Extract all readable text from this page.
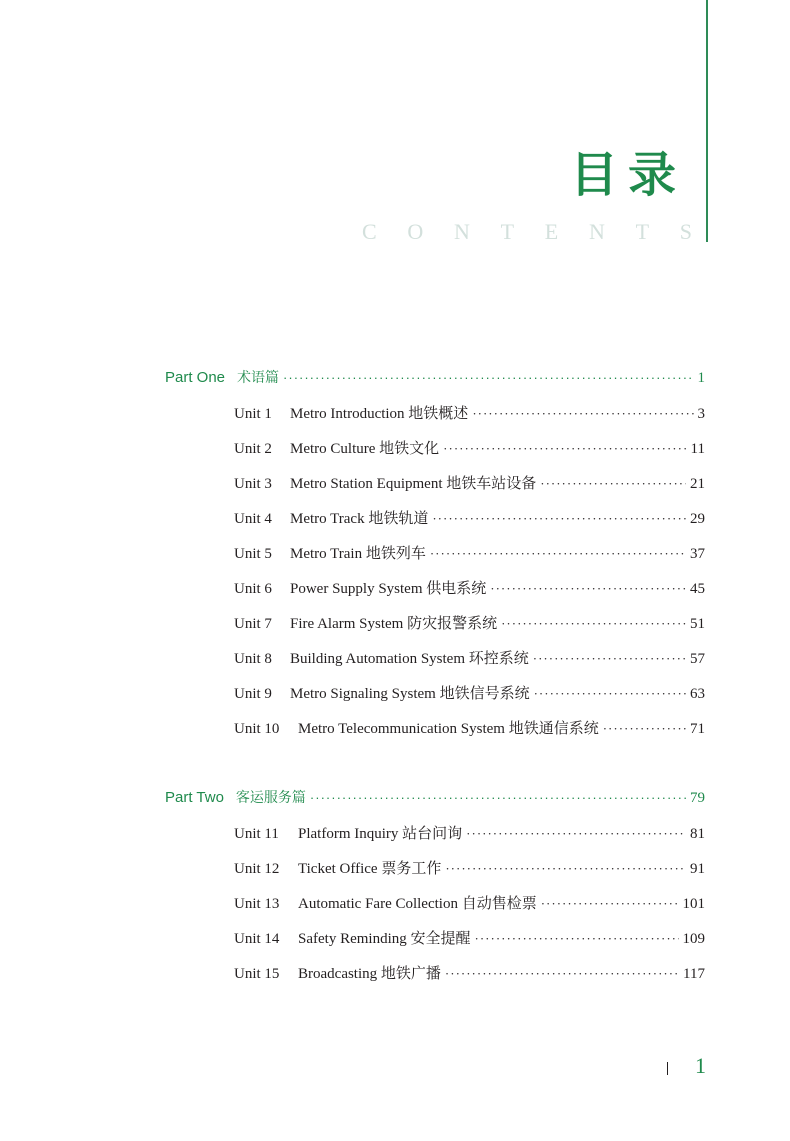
目录
C O N T E N T S
Part One 术语篇 ·····	1
Unit 1	Metro Introduction 地铁概述 ·····	3
Unit 2	Metro Culture 地铁文化 ·····	11
Unit 3	Metro Station Equipment 地铁车站设备 ·····	21
Unit 4	Metro Track 地铁轨道 ·····	29
Unit 5	Metro Train 地铁列车 ·····	37
Unit 6	Power Supply System 供电系统 ·····	45
Unit 7	Fire Alarm System 防灾报警系统 ·····	51
Unit 8	Building Automation System 环控系统 ·····	57
Unit 9	Metro Signaling System 地铁信号系统 ·····	63
Unit 10	Metro Telecommunication System 地铁通信系统 ·····	71
Part Two 客运服务篇 ·····	79
Unit 11	Platform Inquiry 站台问询 ·····	81
Unit 12	Ticket Office 票务工作 ·····	91
Unit 13	Automatic Fare Collection 自动售检票 ·····	101
Unit 14	Safety Reminding 安全提醒 ·····	109
Unit 15	Broadcasting 地铁广播 ·····	117
1
